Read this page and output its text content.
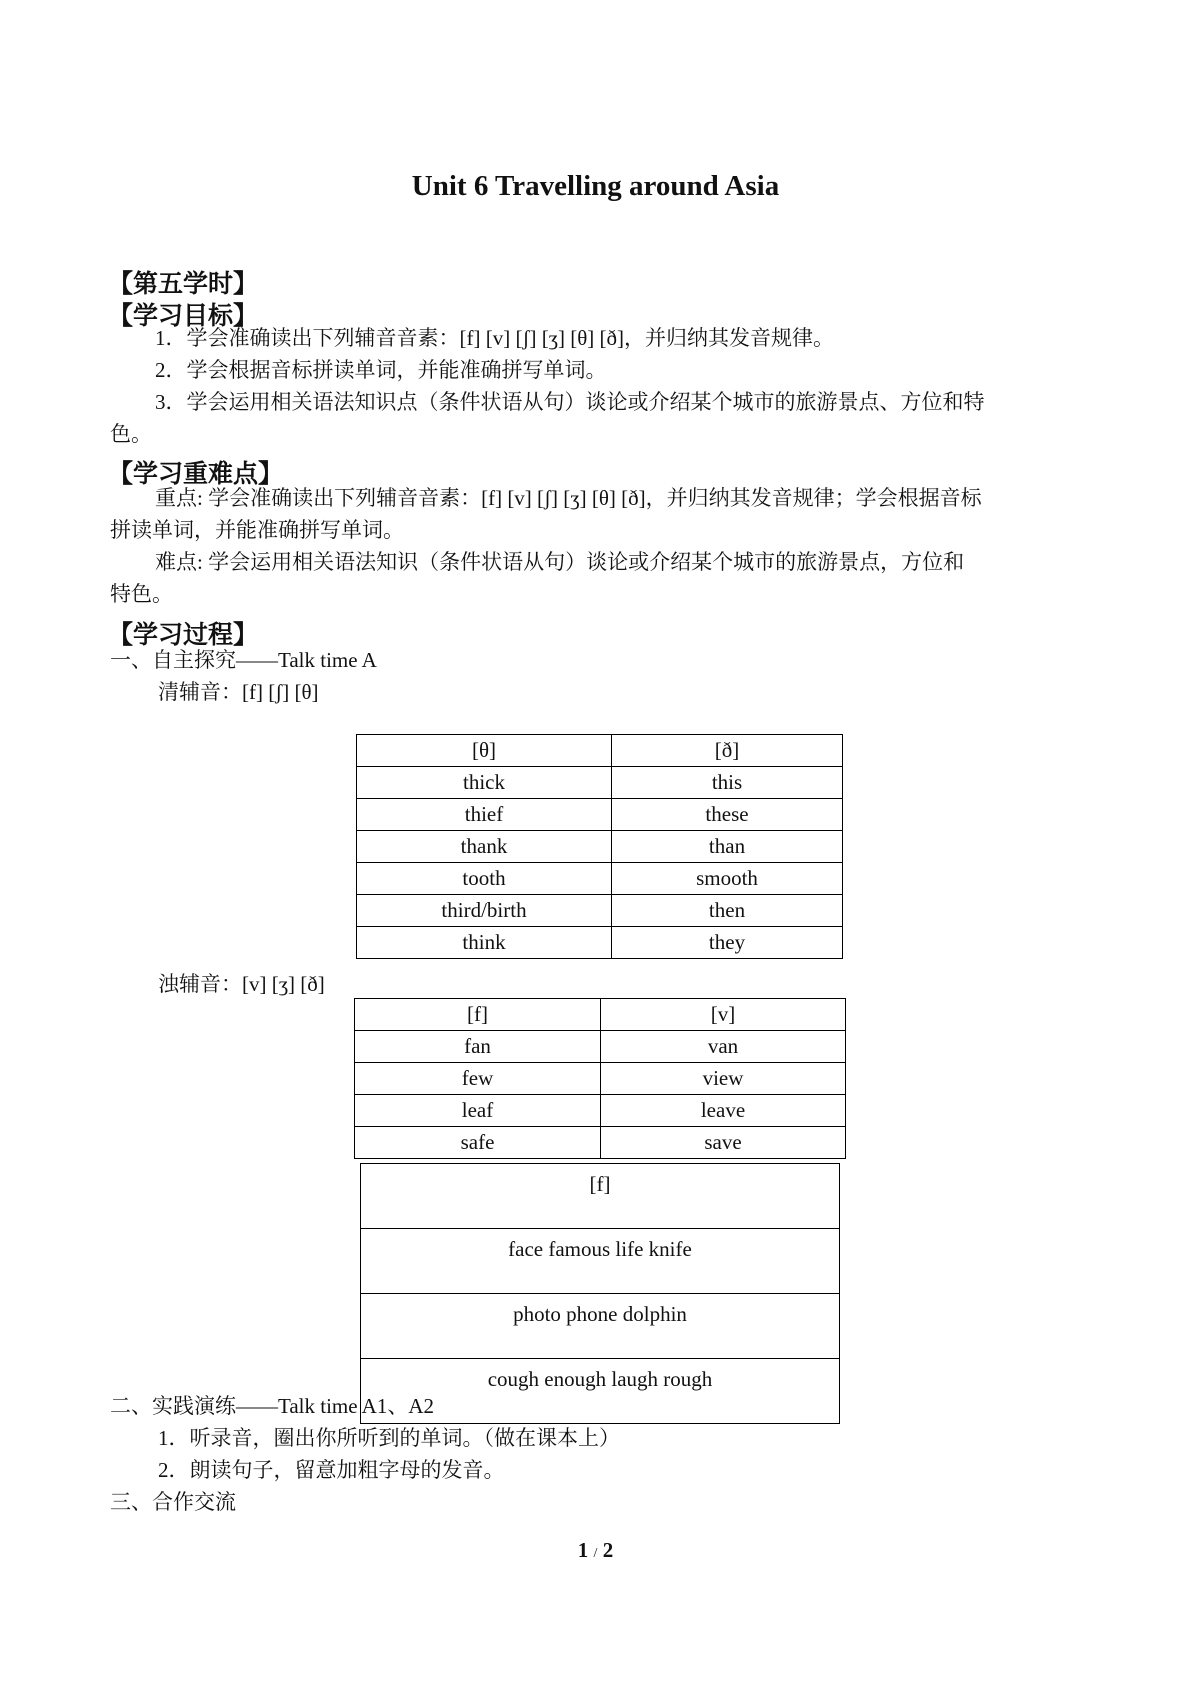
Unit 6 Travelling around Asia
【第五学时】
【学习目标】
1．学会准确读出下列辅音音素：[f] [v] [ʃ] [ʒ] [θ] [ð]，并归纳其发音规律。
2．学会根据音标拼读单词，并能准确拼写单词。
3．学会运用相关语法知识点（条件状语从句）谈论或介绍某个城市的旅游景点、方位和特
色。
【学习重难点】
重点: 学会准确读出下列辅音音素：[f] [v] [ʃ] [ʒ] [θ] [ð]，并归纳其发音规律；学会根据音标
拼读单词，并能准确拼写单词。
难点: 学会运用相关语法知识（条件状语从句）谈论或介绍某个城市的旅游景点，方位和
特色。
【学习过程】
一、自主探究——Talk time A
清辅音：[f] [ʃ] [θ]
[θ]	[ð]
thick	this
thief	these
thank	than
tooth	smooth
third/birth	then
think	they
浊辅音：[v] [ʒ] [ð]
[f]	[v]
fan	van
few	view
leaf	leave
safe	save
[f]
face famous life knife
photo phone dolphin
cough enough laugh rough
二、实践演练——Talk time A1、A2
1．听录音，圈出你所听到的单词。（做在课本上）
2．朗读句子，留意加粗字母的发音。
三、合作交流
1 / 2
